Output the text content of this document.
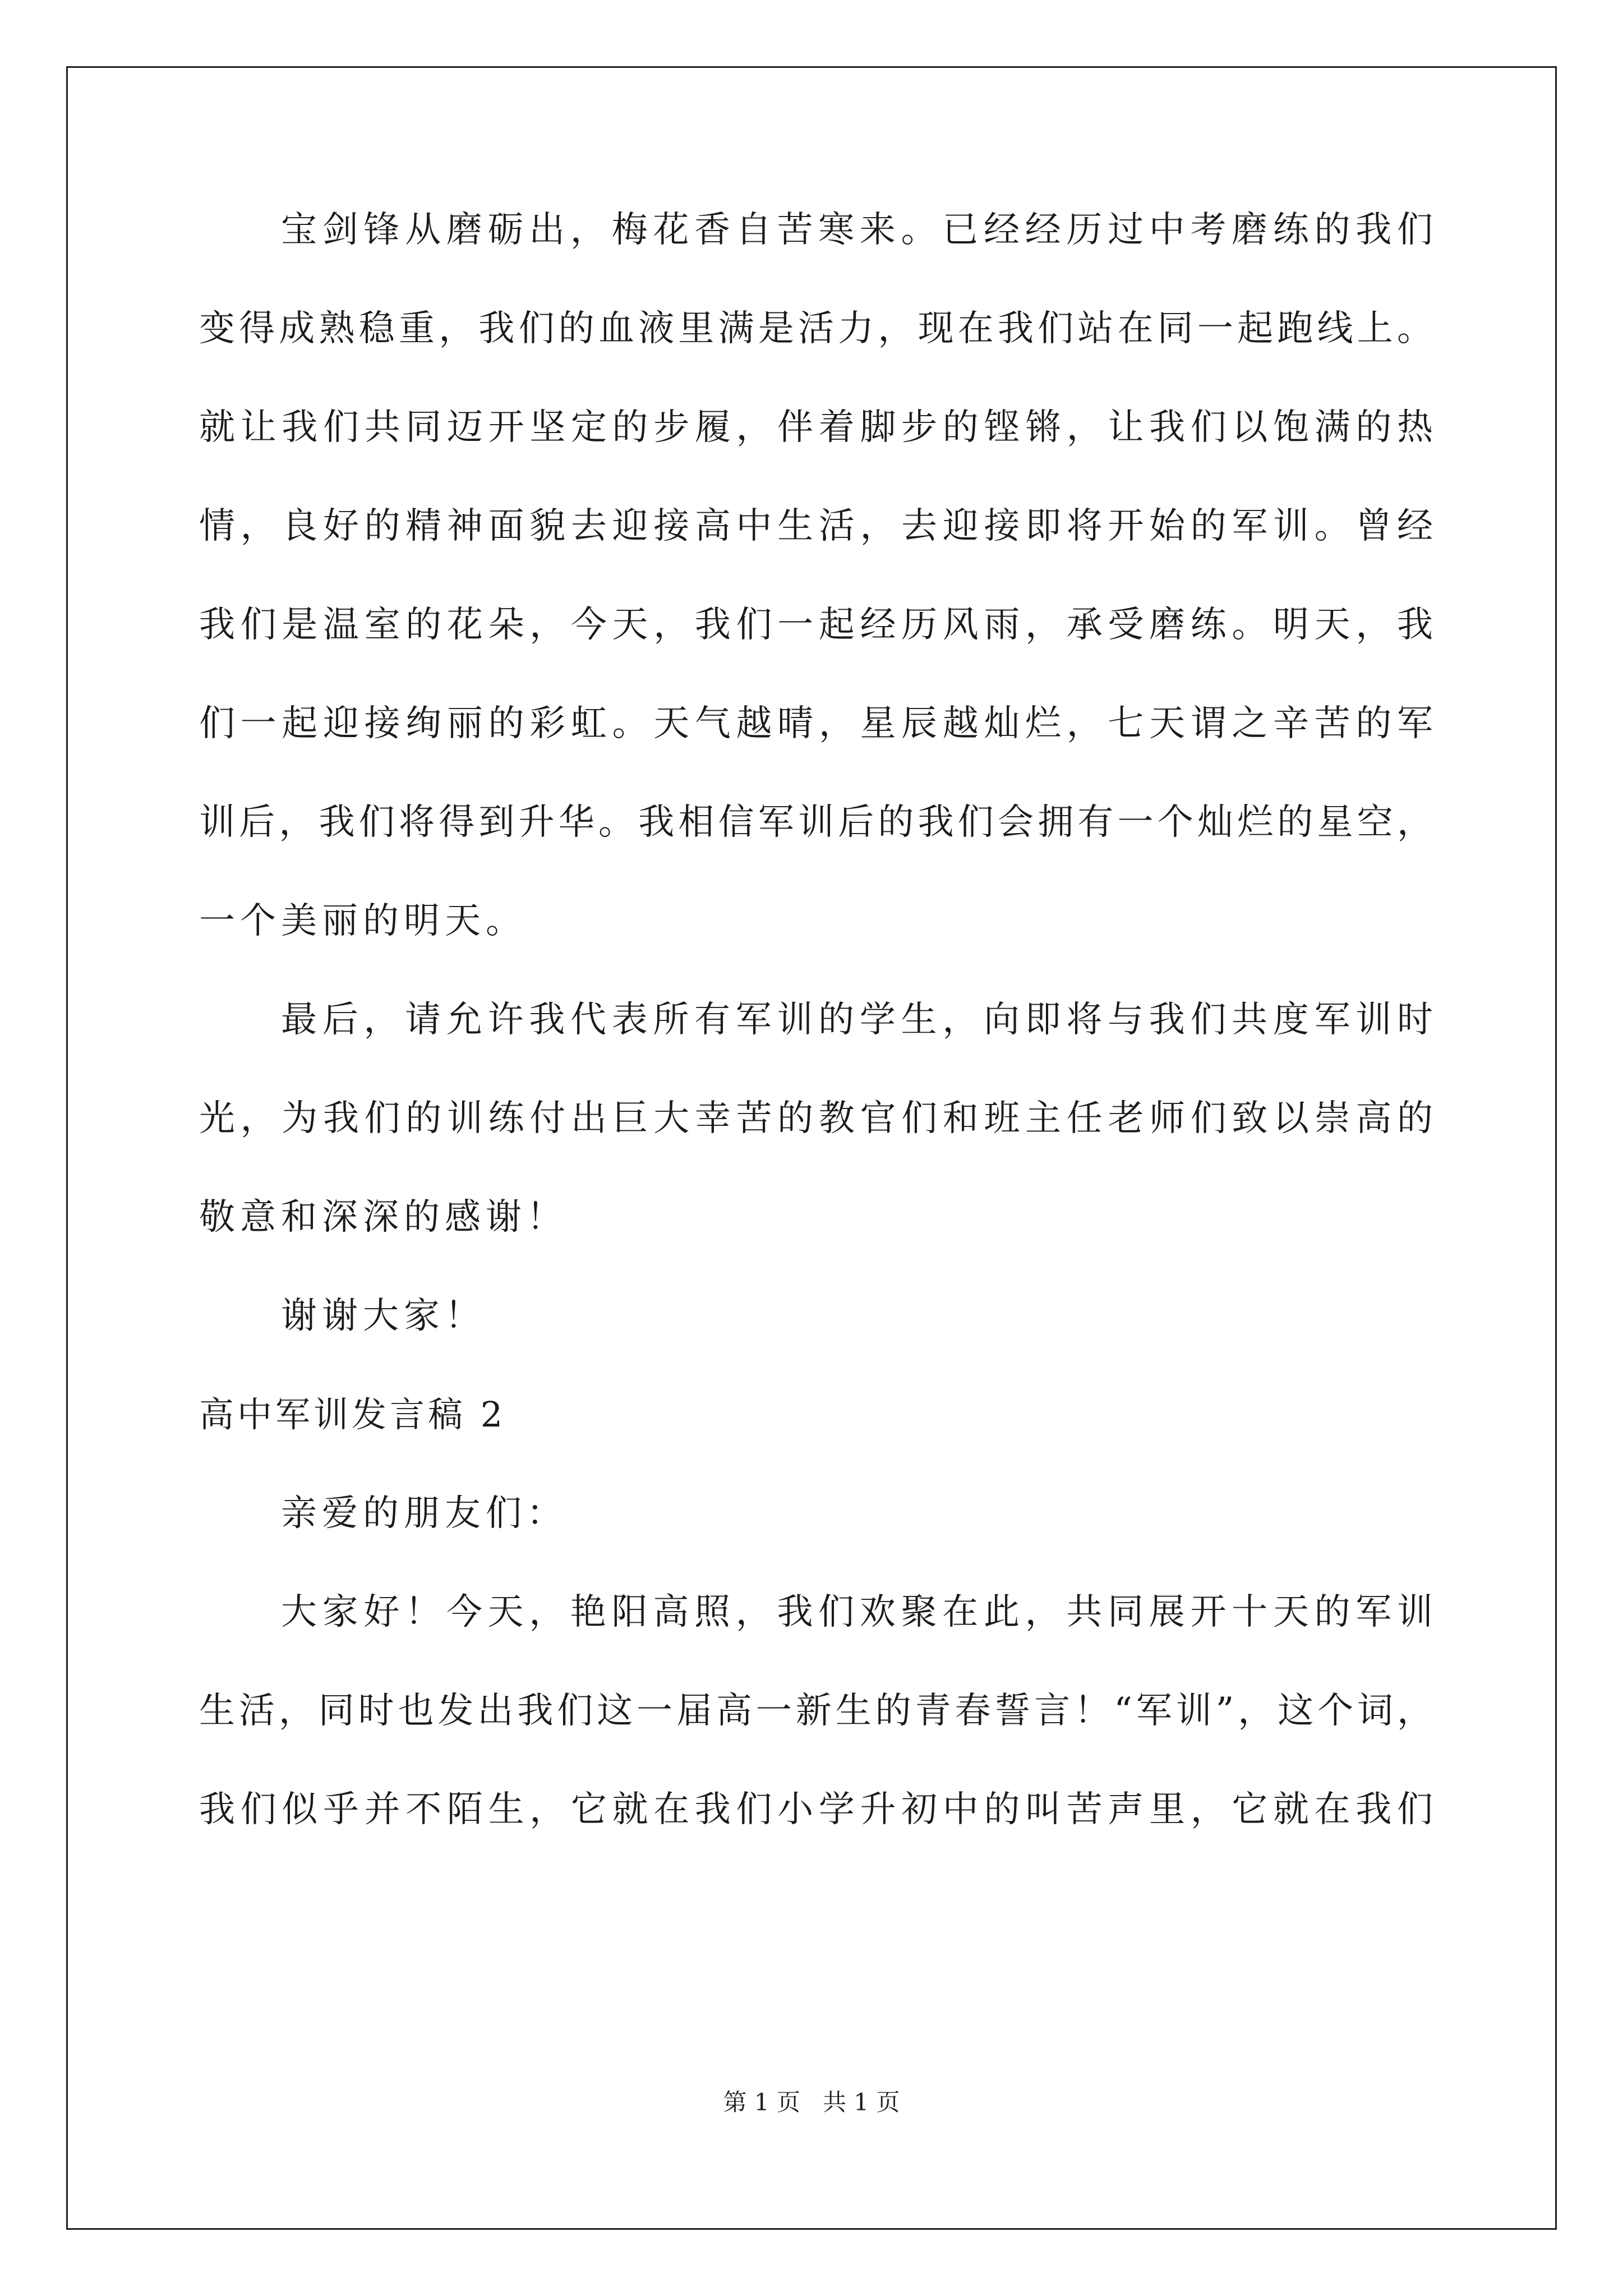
宝剑锋从磨砺出，梅花香自苦寒来。已经经历过中考磨练的我们
变得成熟稳重，我们的血液里满是活力，现在我们站在同一起跑线上。
就让我们共同迈开坚定的步履，伴着脚步的铿锵，让我们以饱满的热
情，良好的精神面貌去迎接高中生活，去迎接即将开始的军训。曾经
我们是温室的花朵，今天，我们一起经历风雨，承受磨练。明天，我
们一起迎接绚丽的彩虹。天气越晴，星辰越灿烂，七天谓之辛苦的军
训后，我们将得到升华。我相信军训后的我们会拥有一个灿烂的星空，
一个美丽的明天。
最后，请允许我代表所有军训的学生，向即将与我们共度军训时
光，为我们的训练付出巨大幸苦的教官们和班主任老师们致以崇高的
敬意和深深的感谢！
谢谢大家！
高中军训发言稿 2
亲爱的朋友们：
大家好！今天，艳阳高照，我们欢聚在此，共同展开十天的军训
生活，同时也发出我们这一届高一新生的青春誓言！“军训”，这个词，
我们似乎并不陌生，它就在我们小学升初中的叫苦声里，它就在我们
第 1 页   共 1 页
